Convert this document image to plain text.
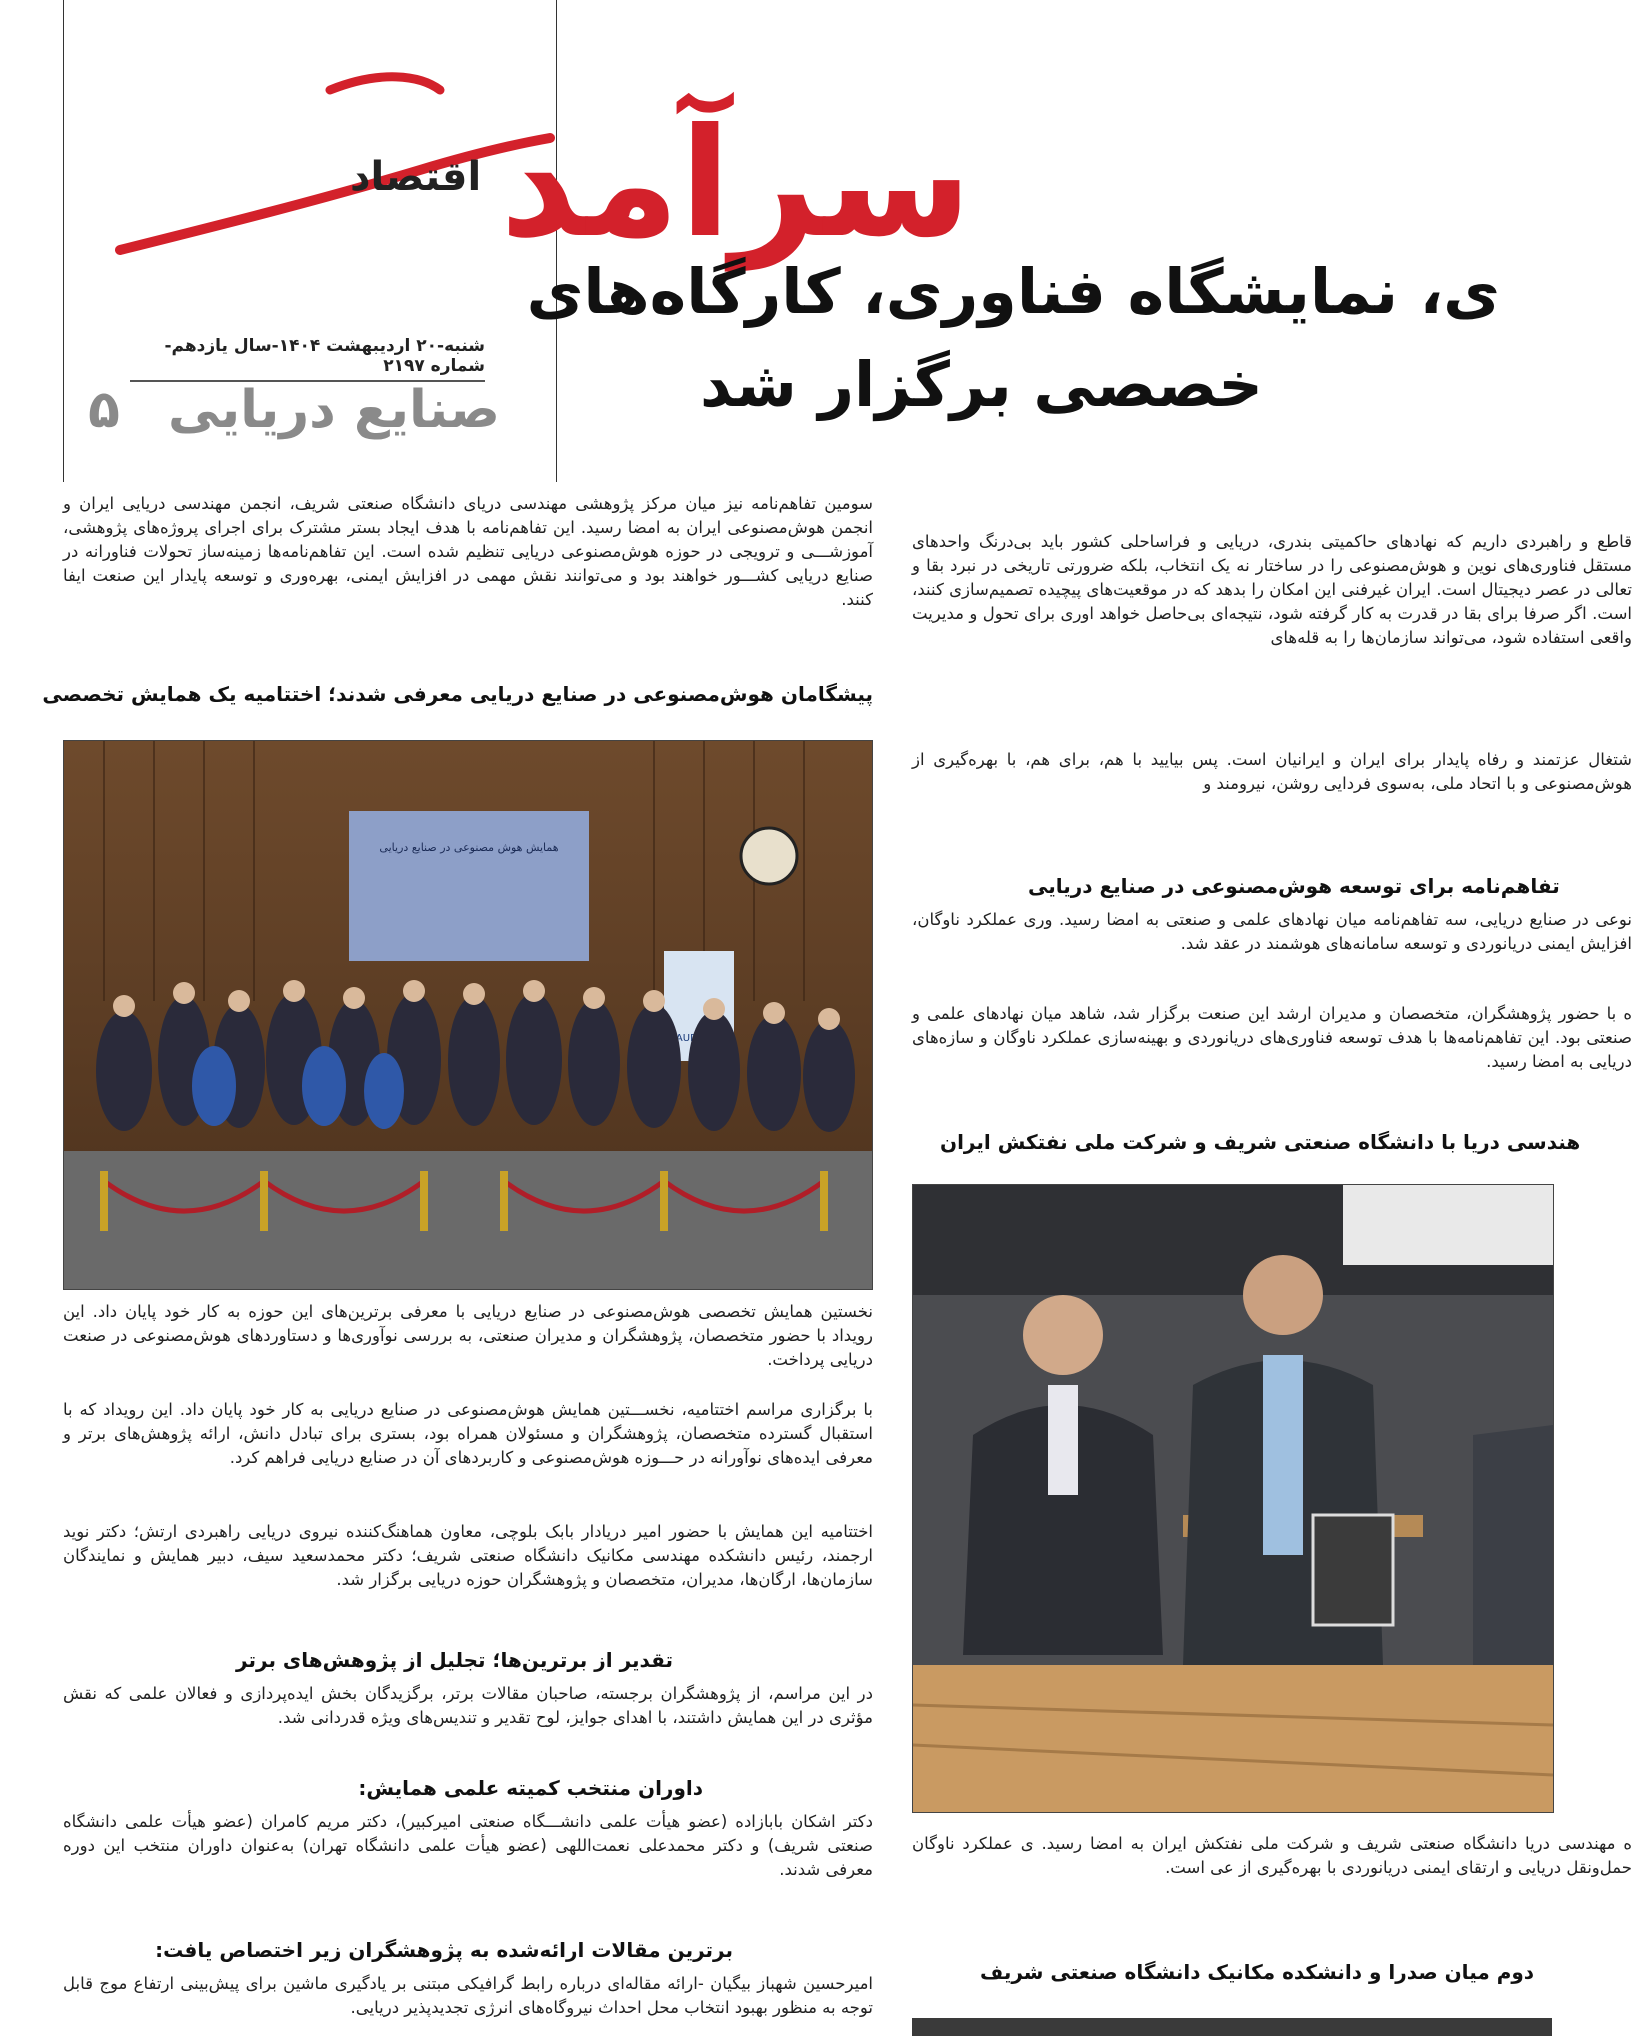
سرآمد
اقتصاد
شنبه-۲۰ اردیبهشت ۱۴۰۴-سال یازدهم- شماره ۲۱۹۷
صنایع دریایی ۵
ی، نمایشگاه فناوری، کارگاه‌های
خصصی برگزار شد
سومین تفاهم‌نامه نیز میان مرکز پژوهشی مهندسی دریای دانشگاه صنعتی شریف، انجمن مهندسی دریایی ایران و انجمن هوش‌مصنوعی ایران به امضا رسید. این تفاهم‌نامه با هدف ایجاد بستر مشترک برای اجرای پروژه‌های پژوهشی، آموزشـــی و ترویجی در حوزه هوش‌مصنوعی دریایی تنظیم شده است. این تفاهم‌نامه‌ها زمینه‌ساز تحولات فناورانه در صنایع دریایی کشـــور خواهند بود و می‌توانند نقش مهمی در افزایش ایمنی، بهره‌وری و توسعه پایدار این صنعت ایفا کنند.
پیشگامان هوش‌مصنوعی در صنایع دریایی معرفی شدند؛ اختتامیه یک همایش تخصصی
همایش هوش مصنوعی در صنایع دریایی
FRAUD
نخستین همایش تخصصی هوش‌مصنوعی در صنایع دریایی با معرفی برترین‌های این حوزه به کار خود پایان داد. این رویداد با حضور متخصصان، پژوهشگران و مدیران صنعتی، به بررسی نوآوری‌ها و دستاوردهای هوش‌مصنوعی در صنعت دریایی پرداخت.
با برگزاری مراسم اختتامیه، نخســـتین همایش هوش‌مصنوعی در صنایع دریایی به کار خود پایان داد. این رویداد که با استقبال گسترده متخصصان، پژوهشگران و مسئولان همراه بود، بستری برای تبادل دانش، ارائه پژوهش‌های برتر و معرفی ایده‌های نوآورانه در حـــوزه هوش‌مصنوعی و کاربردهای آن در صنایع دریایی فراهم کرد.
اختتامیه این همایش با حضور امیر دریادار بابک بلوچی، معاون هماهنگ‌کننده نیروی دریایی راهبردی ارتش؛ دکتر نوید ارجمند، رئیس دانشکده مهندسی مکانیک دانشگاه صنعتی شریف؛ دکتر محمدسعید سیف، دبیر همایش و نمایندگان سازمان‌ها، ارگان‌ها، مدیران، متخصصان و پژوهشگران حوزه دریایی برگزار شد.
تقدیر از برترین‌ها؛ تجلیل از پژوهش‌های برتر
در این مراسم، از پژوهشگران برجسته، صاحبان مقالات برتر، برگزیدگان بخش ایده‌پردازی و فعالان علمی که نقش مؤثری در این همایش داشتند، با اهدای جوایز، لوح تقدیر و تندیس‌های ویژه قدردانی شد.
داوران منتخب کمیته علمی همایش:
دکتر اشکان بابازاده (عضو هیأت علمی دانشـــگاه صنعتی امیرکبیر)، دکتر مریم کامران (عضو هیأت علمی دانشگاه صنعتی شریف) و دکتر محمدعلی نعمت‌اللهی (عضو هیأت علمی دانشگاه تهران) به‌عنوان داوران منتخب این دوره معرفی شدند.
برترین مقالات ارائه‌شده به پژوهشگران زیر اختصاص یافت:
امیرحسین شهباز بیگیان -ارائه مقاله‌ای درباره رابط گرافیکی مبتنی بر یادگیری ماشین برای پیش‌بینی ارتفاع موج قابل توجه به منظور بهبود انتخاب محل احداث نیروگاه‌های انرژی تجدیدپذیر دریایی.
قاطع و راهبردی داریم که نهادهای حاکمیتی بندری، دریایی و فراساحلی کشور باید بی‌درنگ واحدهای مستقل فناوری‌های نوین و هوش‌مصنوعی را در ساختار نه یک انتخاب، بلکه ضرورتی تاریخی در نبرد بقا و تعالی در عصر دیجیتال است. ایران غیرفنی این امکان را بدهد که در موقعیت‌های پیچیده تصمیم‌سازی کنند، است. اگر صرفا برای بقا در قدرت به کار گرفته شود، نتیجه‌ای بی‌حاصل خواهد اوری برای تحول و مدیریت واقعی استفاده شود، می‌تواند سازمان‌ها را به قله‌های
شتغال عزتمند و رفاه پایدار برای ایران و ایرانیان است. پس بیایید با هم، برای هم، با بهره‌گیری از هوش‌مصنوعی و با اتحاد ملی، به‌سوی فردایی روشن، نیرومند و
تفاهم‌نامه برای توسعه هوش‌مصنوعی در صنایع دریایی
نوعی در صنایع دریایی، سه تفاهم‌نامه میان نهادهای علمی و صنعتی به امضا رسید. وری عملکرد ناوگان، افزایش ایمنی دریانوردی و توسعه سامانه‌های هوشمند در عقد شد.
ه با حضور پژوهشگران، متخصصان و مدیران ارشد این صنعت برگزار شد، شاهد میان نهادهای علمی و صنعتی بود. این تفاهم‌نامه‌ها با هدف توسعه فناوری‌های دریانوردی و بهینه‌سازی عملکرد ناوگان و سازه‌های دریایی به امضا رسید.
هندسی دریا با دانشگاه صنعتی شریف و شرکت ملی نفتکش ایران
ه مهندسی دریا دانشگاه صنعتی شریف و شرکت ملی نفتکش ایران به امضا رسید. ی عملکرد ناوگان حمل‌ونقل دریایی و ارتقای ایمنی دریانوردی با بهره‌گیری از عی است.
دوم میان صدرا و دانشکده مکانیک دانشگاه صنعتی شریف
